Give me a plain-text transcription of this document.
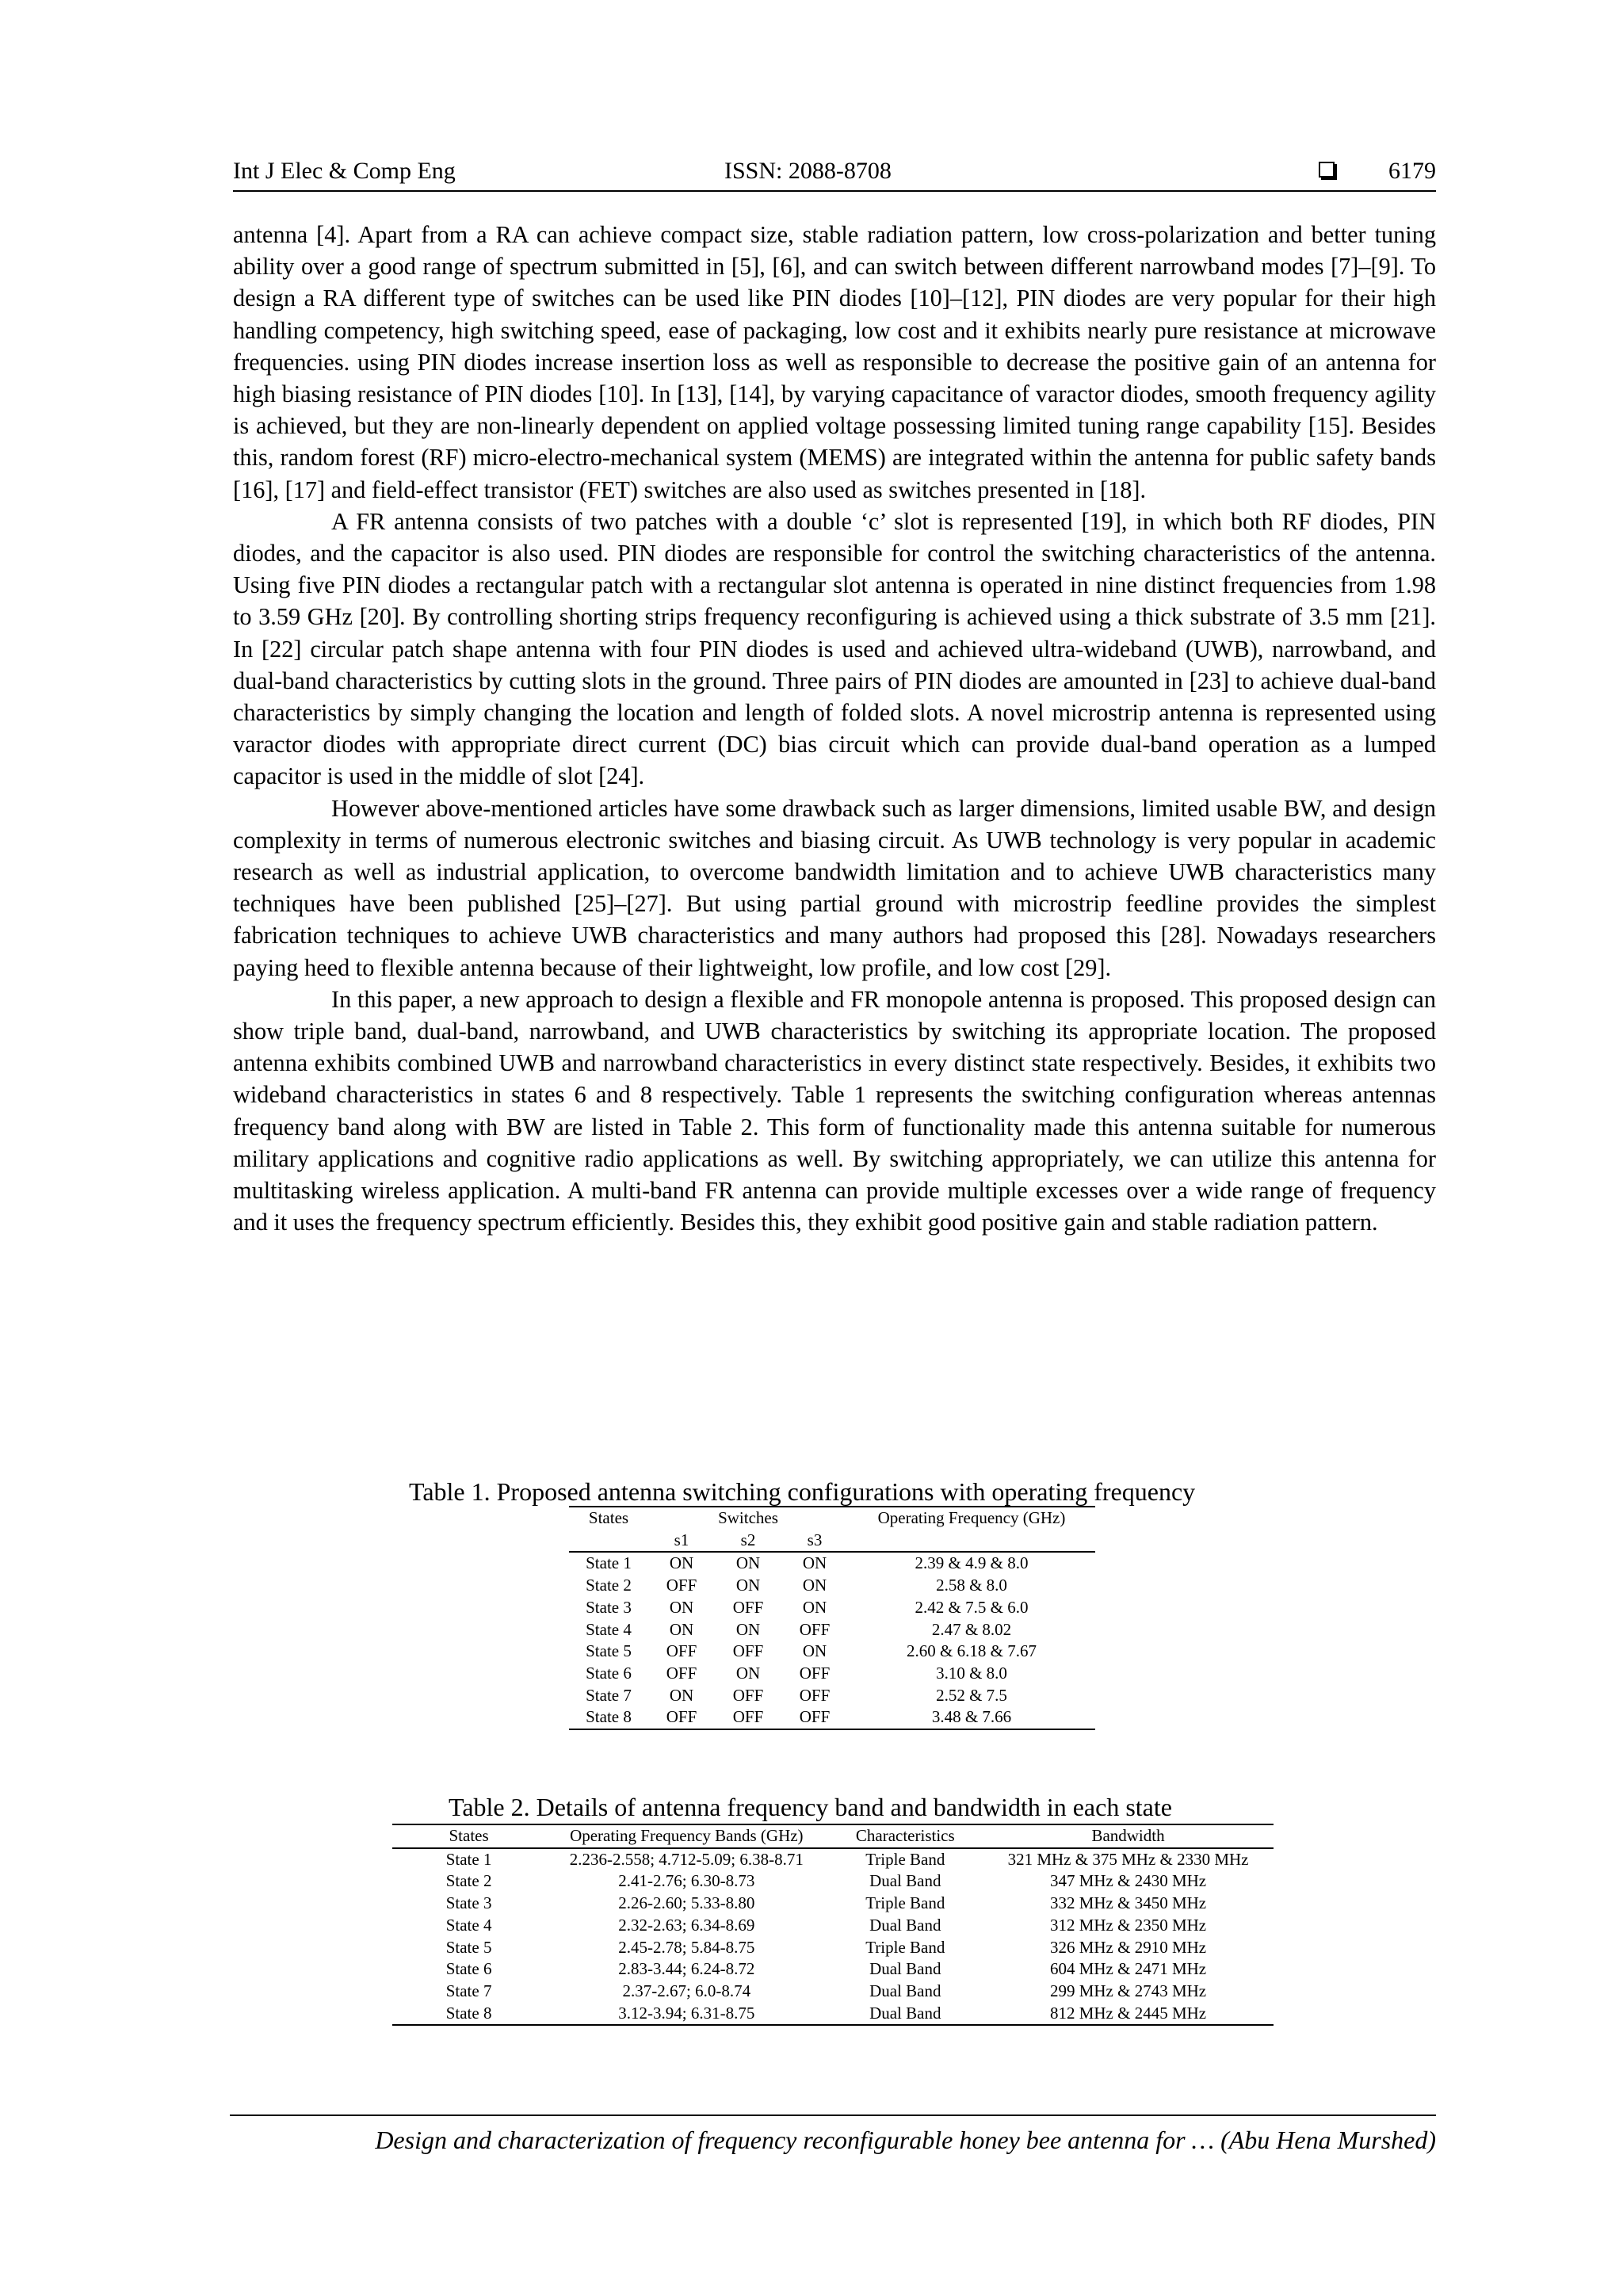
Int J Elec & Comp Eng	ISSN: 2088-8708	6179

antenna [4]. Apart from a RA can achieve compact size, stable radiation pattern, low cross-polarization and better tuning ability over a good range of spectrum submitted in [5], [6], and can switch between different narrowband modes [7]–[9]. To design a RA different type of switches can be used like PIN diodes [10]–[12], PIN diodes are very popular for their high handling competency, high switching speed, ease of packaging, low cost and it exhibits nearly pure resistance at microwave frequencies. using PIN diodes increase insertion loss as well as responsible to decrease the positive gain of an antenna for high biasing resistance of PIN diodes [10]. In [13], [14], by varying capacitance of varactor diodes, smooth frequency agility is achieved, but they are non-linearly dependent on applied voltage possessing limited tuning range capability [15]. Besides this, random forest (RF) micro-electro-mechanical system (MEMS) are integrated within the antenna for public safety bands [16], [17] and field-effect transistor (FET) switches are also used as switches presented in [18].

A FR antenna consists of two patches with a double ‘c’ slot is represented [19], in which both RF diodes, PIN diodes, and the capacitor is also used. PIN diodes are responsible for control the switching characteristics of the antenna. Using five PIN diodes a rectangular patch with a rectangular slot antenna is operated in nine distinct frequencies from 1.98 to 3.59 GHz [20]. By controlling shorting strips frequency reconfiguring is achieved using a thick substrate of 3.5 mm [21]. In [22] circular patch shape antenna with four PIN diodes is used and achieved ultra-wideband (UWB), narrowband, and dual-band characteristics by cutting slots in the ground. Three pairs of PIN diodes are amounted in [23] to achieve dual-band characteristics by simply changing the location and length of folded slots. A novel microstrip antenna is represented using varactor diodes with appropriate direct current (DC) bias circuit which can provide dual-band operation as a lumped capacitor is used in the middle of slot [24].

However above-mentioned articles have some drawback such as larger dimensions, limited usable BW, and design complexity in terms of numerous electronic switches and biasing circuit. As UWB technology is very popular in academic research as well as industrial application, to overcome bandwidth limitation and to achieve UWB characteristics many techniques have been published [25]–[27]. But using partial ground with microstrip feedline provides the simplest fabrication techniques to achieve UWB characteristics and many authors had proposed this [28]. Nowadays researchers paying heed to flexible antenna because of their lightweight, low profile, and low cost [29].

In this paper, a new approach to design a flexible and FR monopole antenna is proposed. This proposed design can show triple band, dual-band, narrowband, and UWB characteristics by switching its appropriate location. The proposed antenna exhibits combined UWB and narrowband characteristics in every distinct state respectively. Besides, it exhibits two wideband characteristics in states 6 and 8 respectively. Table 1 represents the switching configuration whereas antennas frequency band along with BW are listed in Table 2. This form of functionality made this antenna suitable for numerous military applications and cognitive radio applications as well. By switching appropriately, we can utilize this antenna for multitasking wireless application. A multi-band FR antenna can provide multiple excesses over a wide range of frequency and it uses the frequency spectrum efficiently. Besides this, they exhibit good positive gain and stable radiation pattern.

Table 1. Proposed antenna switching configurations with operating frequency
States	Switches			Operating Frequency (GHz)
	s1	s2	s3	
State 1	ON	ON	ON	2.39 & 4.9 & 8.0
State 2	OFF	ON	ON	2.58 & 8.0
State 3	ON	OFF	ON	2.42 & 7.5 & 6.0
State 4	ON	ON	OFF	2.47 & 8.02
State 5	OFF	OFF	ON	2.60 & 6.18 & 7.67
State 6	OFF	ON	OFF	3.10 & 8.0
State 7	ON	OFF	OFF	2.52 & 7.5
State 8	OFF	OFF	OFF	3.48 & 7.66
Table 2. Details of antenna frequency band and bandwidth in each state
States	Operating Frequency Bands (GHz)	Characteristics	Bandwidth
State 1	2.236-2.558; 4.712-5.09; 6.38-8.71	Triple Band	321 MHz & 375 MHz & 2330 MHz
State 2	2.41-2.76; 6.30-8.73	Dual Band	347 MHz & 2430 MHz
State 3	2.26-2.60; 5.33-8.80	Triple Band	332 MHz & 3450 MHz
State 4	2.32-2.63; 6.34-8.69	Dual Band	312 MHz & 2350 MHz
State 5	2.45-2.78; 5.84-8.75	Triple Band	326 MHz & 2910 MHz
State 6	2.83-3.44; 6.24-8.72	Dual Band	604 MHz & 2471 MHz
State 7	2.37-2.67; 6.0-8.74	Dual Band	299 MHz & 2743 MHz
State 8	3.12-3.94; 6.31-8.75	Dual Band	812 MHz & 2445 MHz
Design and characterization of frequency reconfigurable honey bee antenna for … (Abu Hena Murshed)
